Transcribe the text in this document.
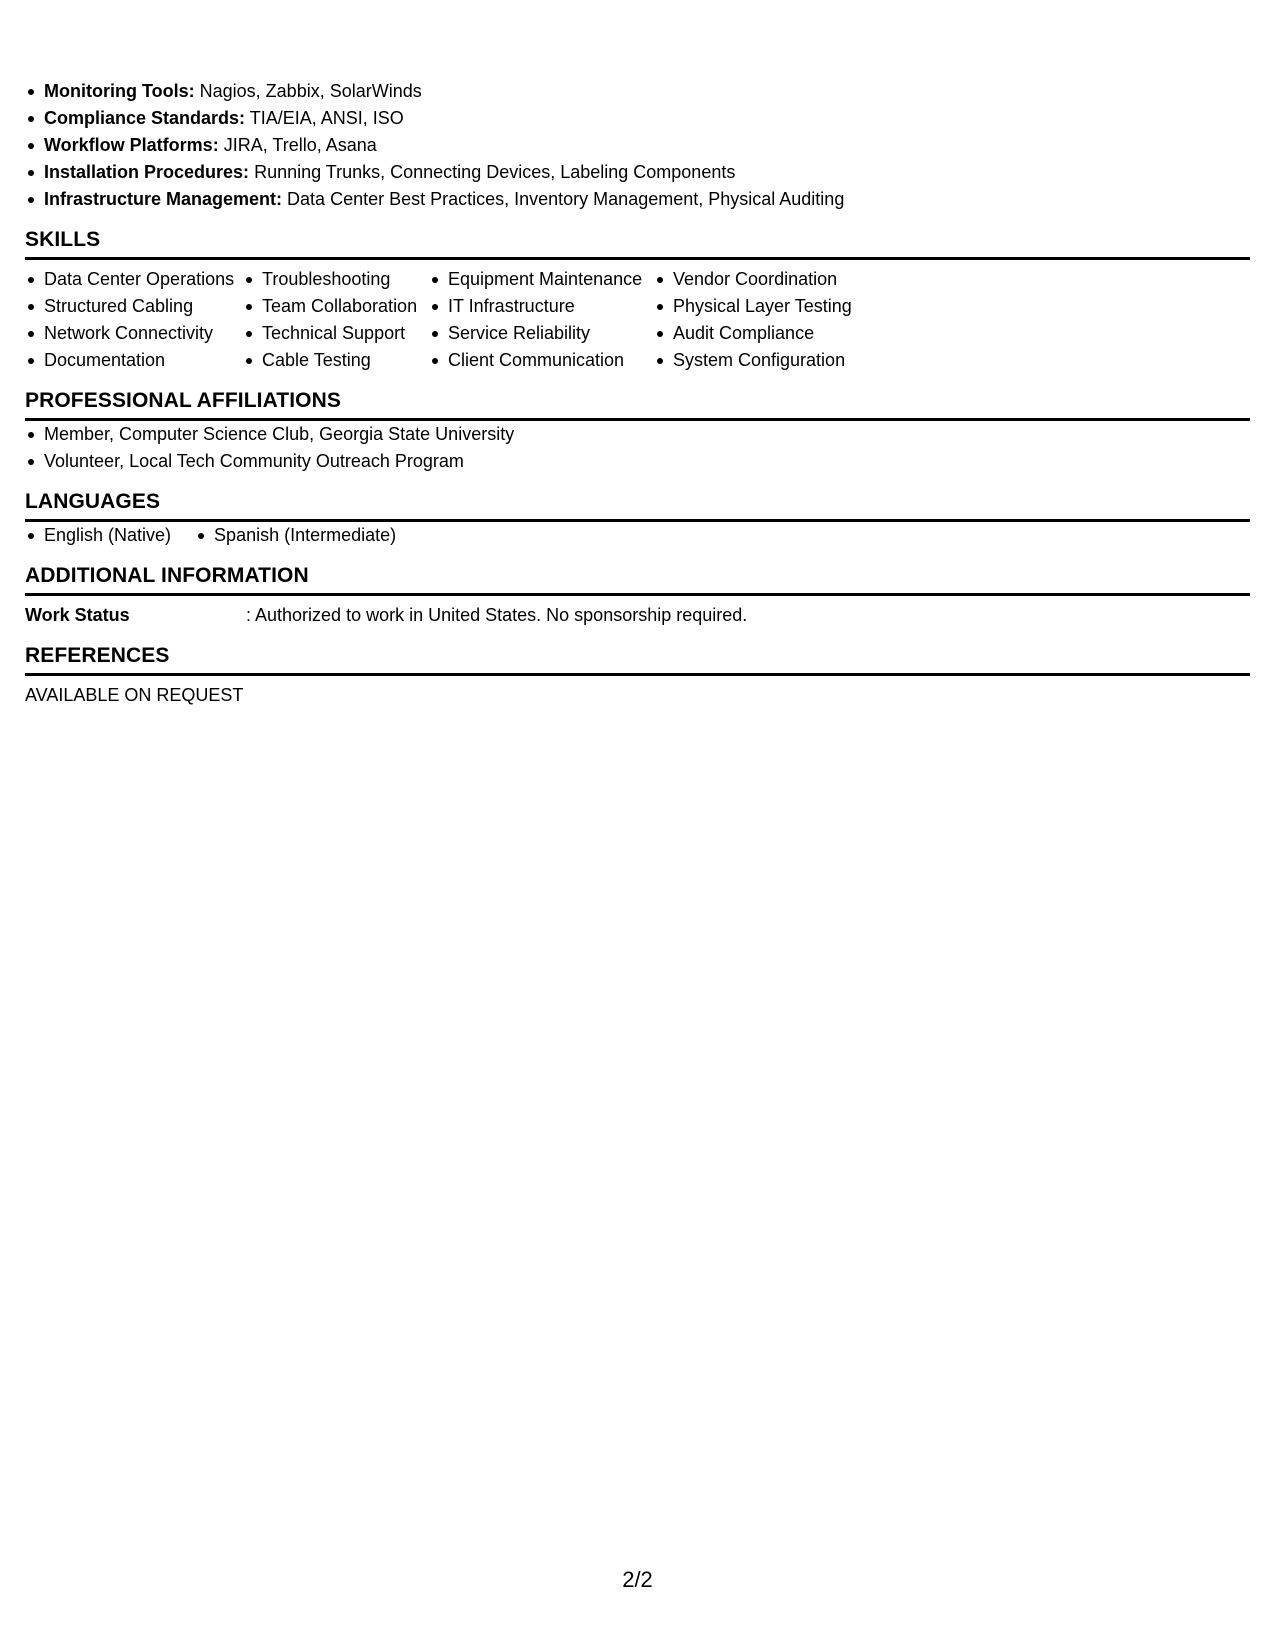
Monitoring Tools: Nagios, Zabbix, SolarWinds
Compliance Standards: TIA/EIA, ANSI, ISO
Workflow Platforms: JIRA, Trello, Asana
Installation Procedures: Running Trunks, Connecting Devices, Labeling Components
Infrastructure Management: Data Center Best Practices, Inventory Management, Physical Auditing
SKILLS
Data Center Operations
Structured Cabling
Network Connectivity
Documentation
Troubleshooting
Team Collaboration
Technical Support
Cable Testing
Equipment Maintenance
IT Infrastructure
Service Reliability
Client Communication
Vendor Coordination
Physical Layer Testing
Audit Compliance
System Configuration
PROFESSIONAL AFFILIATIONS
Member, Computer Science Club, Georgia State University
Volunteer, Local Tech Community Outreach Program
LANGUAGES
English (Native)	Spanish (Intermediate)
ADDITIONAL INFORMATION
Work Status	: Authorized to work in United States. No sponsorship required.
REFERENCES
AVAILABLE ON REQUEST
2/2
